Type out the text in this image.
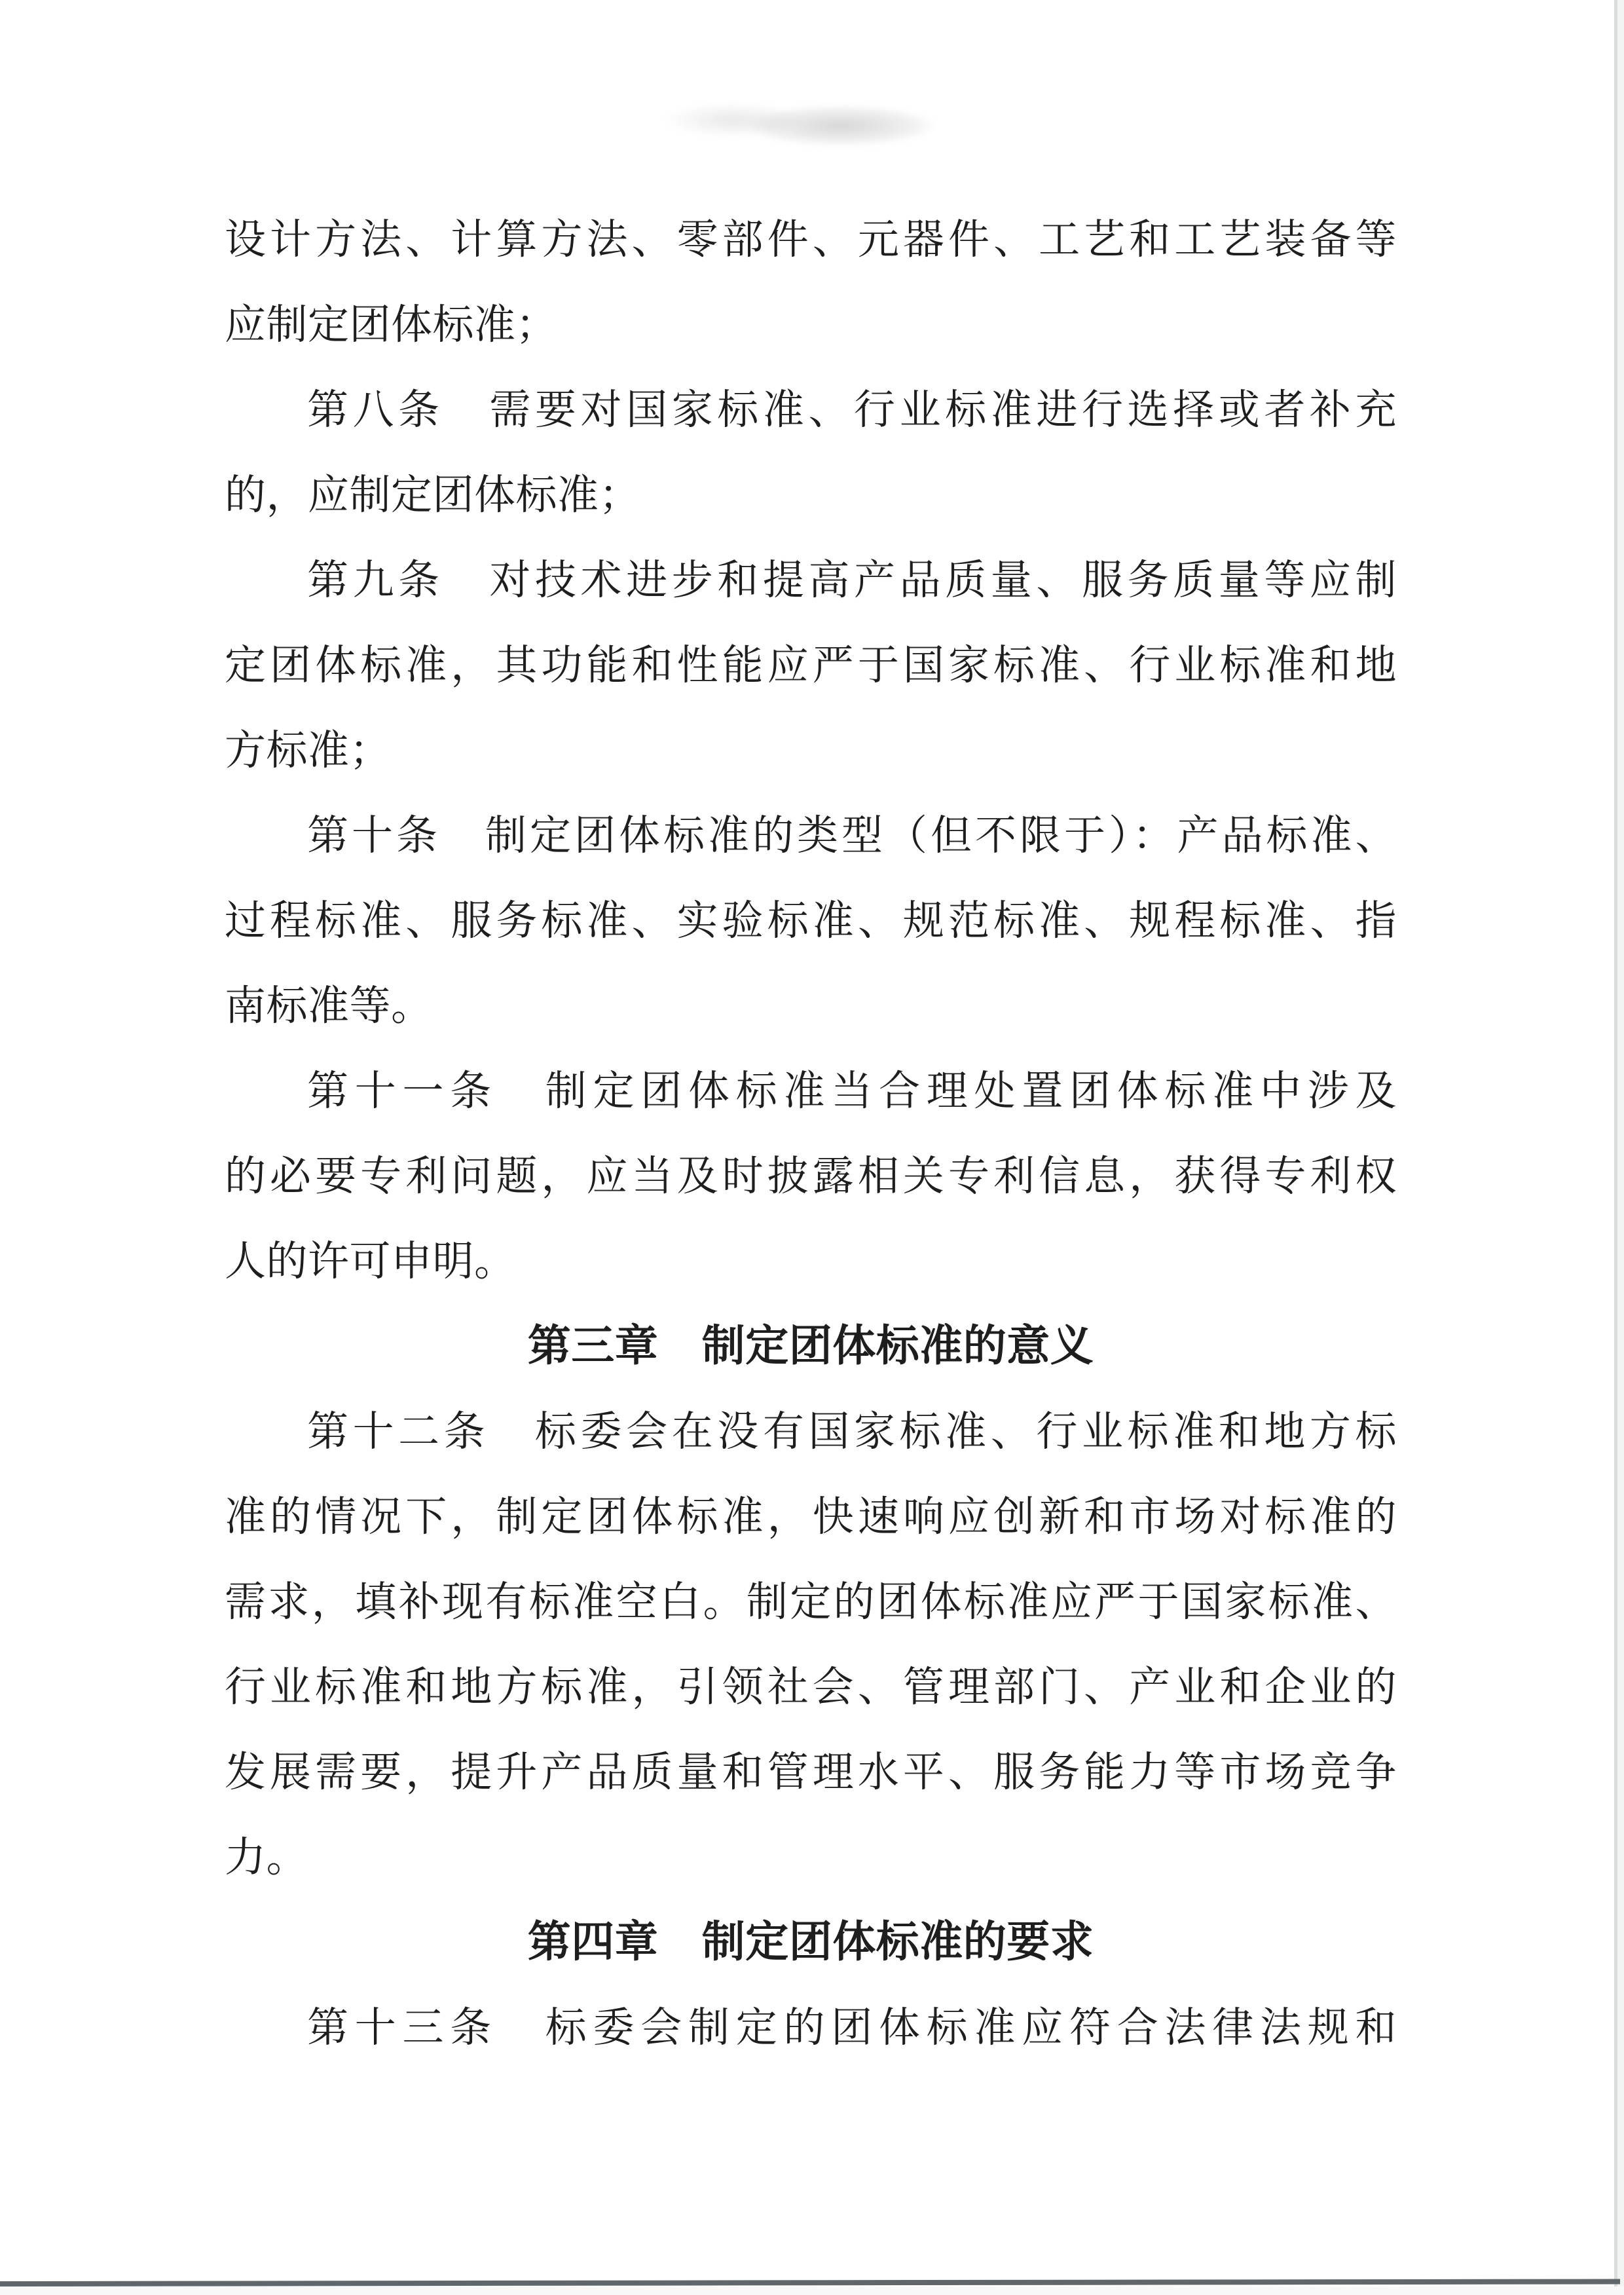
设计方法、计算方法、零部件、元器件、工艺和工艺装备等
应制定团体标准；
第八条　需要对国家标准、行业标准进行选择或者补充
的，应制定团体标准；
第九条　对技术进步和提高产品质量、服务质量等应制
定团体标准，其功能和性能应严于国家标准、行业标准和地
方标准；
第十条　制定团体标准的类型（但不限于）：产品标准、
过程标准、服务标准、实验标准、规范标准、规程标准、指
南标准等。
第十一条　制定团体标准当合理处置团体标准中涉及
的必要专利问题，应当及时披露相关专利信息，获得专利权
人的许可申明。
第三章　制定团体标准的意义
第十二条　标委会在没有国家标准、行业标准和地方标
准的情况下，制定团体标准，快速响应创新和市场对标准的
需求，填补现有标准空白。制定的团体标准应严于国家标准、
行业标准和地方标准，引领社会、管理部门、产业和企业的
发展需要，提升产品质量和管理水平、服务能力等市场竞争
力。
第四章　制定团体标准的要求
第十三条　标委会制定的团体标准应符合法律法规和
